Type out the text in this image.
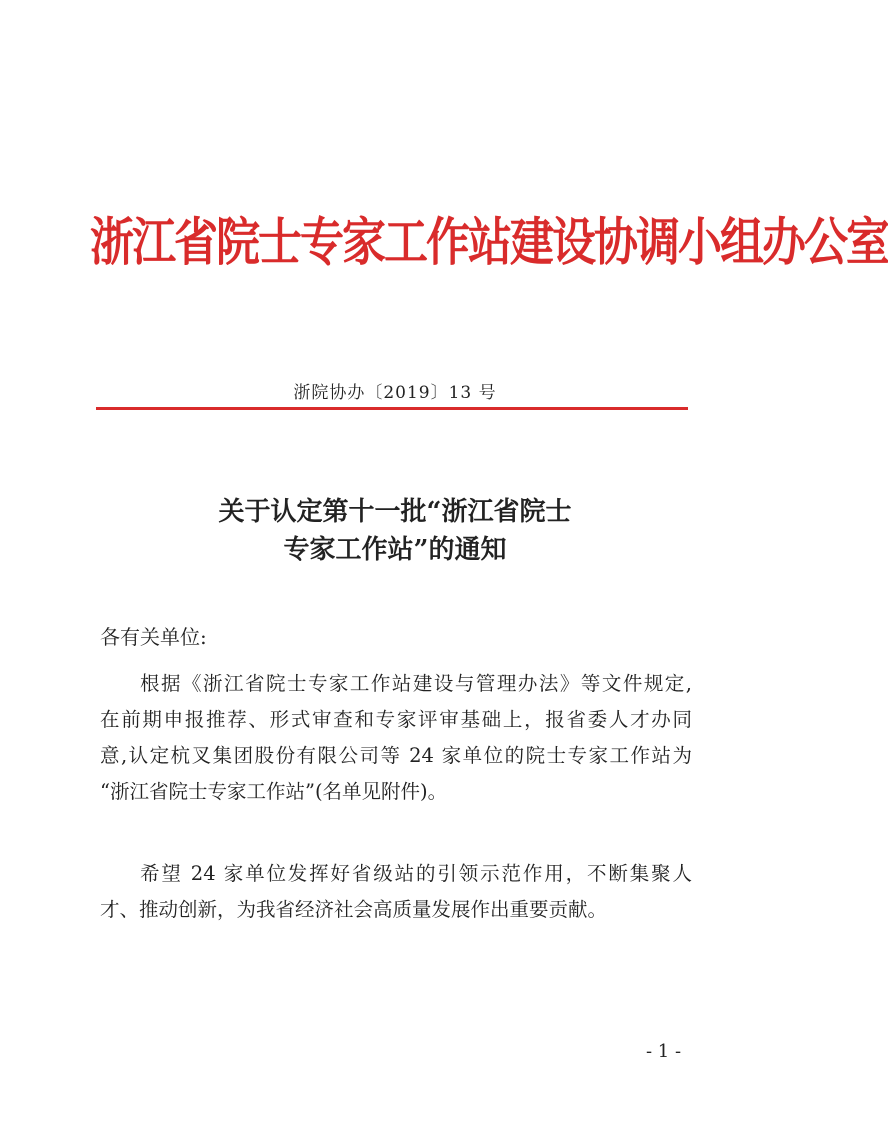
浙江省院士专家工作站建设协调小组办公室
浙院协办〔2019〕13 号
关于认定第十一批“浙江省院士
专家工作站”的通知
各有关单位:
根据《浙江省院士专家工作站建设与管理办法》等文件规定,
在前期申报推荐、形式审查和专家评审基础上，报省委人才办同
意,认定杭叉集团股份有限公司等 24 家单位的院士专家工作站为
“浙江省院士专家工作站”(名单见附件)。
希望 24 家单位发挥好省级站的引领示范作用，不断集聚人
才、推动创新，为我省经济社会高质量发展作出重要贡献。
- 1 -
